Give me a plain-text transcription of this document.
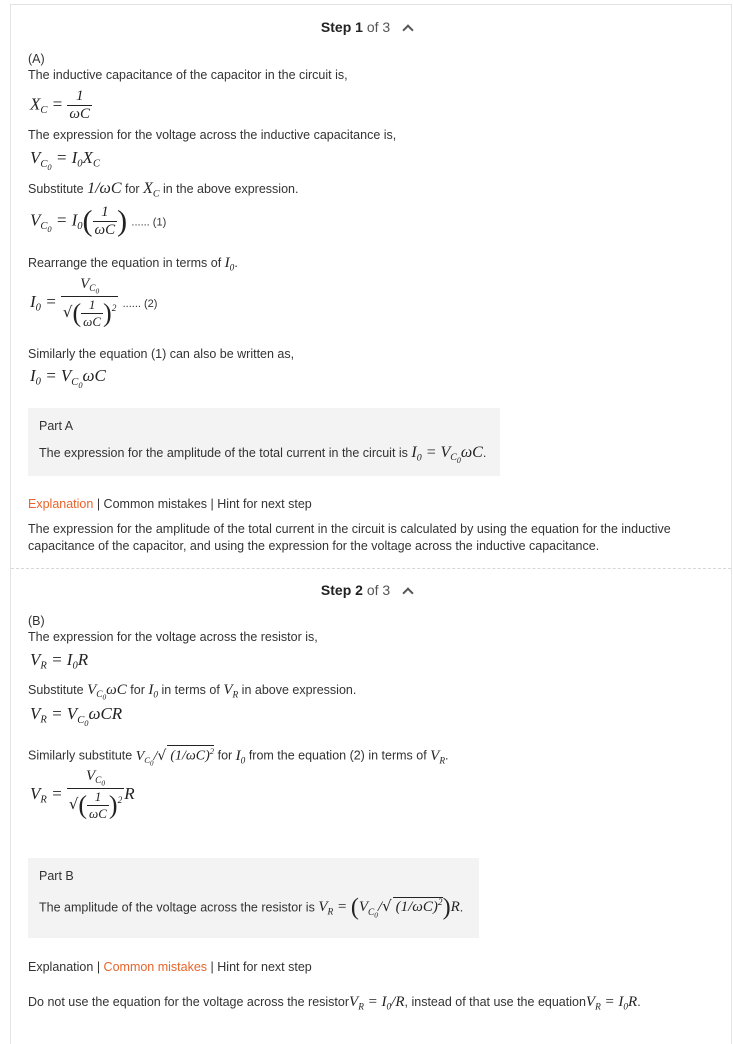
Step 1 of 3
(A)
The inductive capacitance of the capacitor in the circuit is,
$X_C = \frac{1}{\omega C}$
The expression for the voltage across the inductive capacitance is,
$V_{C_0} = I_0X_C$
Substitute 1/ωC for $X_C$ in the above expression.
$V_{C_0} = I_0( \frac{1}{\omega C}$ ) ...... (1)
Rearrange the equation in terms of $I_0$.
$I_0 = \frac{V_{C_0}}{√( \frac{1}{\omega C} )^2}$ ...... (2)
Similarly the equation (1) can also be written as,
$I_0 = V_{C_0}\omega C$
Part A
The expression for the amplitude of the total current in the circuit is $I_0 = V_{C_0}\omega C$.
Explanation | Common mistakes | Hint for next step
The expression for the amplitude of the total current in the circuit is calculated by using the equation for the inductive
capacitance of the capacitor, and using the expression for the voltage across the inductive capacitance.
Step 2 of 3
(B)
The expression for the voltage across the resistor is,
$V_R = I_0R$
Substitute $V_{C_0}\omega C$ for $I_0$ in terms of $V_R$ in above expression.
$V_R = V_{C_0}\omega CR$
Similarly substitute $V_{C_0}/√$ $(1/\omega C)^2$ for $I_0$ from the equation (2) in terms of $V_R$.
$V_R = \frac{V_{C_0}}{√( \frac{1}{\omega C} )^2}$ R
Part B
The amplitude of the voltage across the resistor is $V_R = (V_{C_0}/√$ $(1/\omega C)^2)R$.
Explanation | Common mistakes | Hint for next step
Do not use the equation for the voltage across the resistorV$_R$ = $I_0/R$, instead of that use the equationV$_R$ = $I_0R$.
